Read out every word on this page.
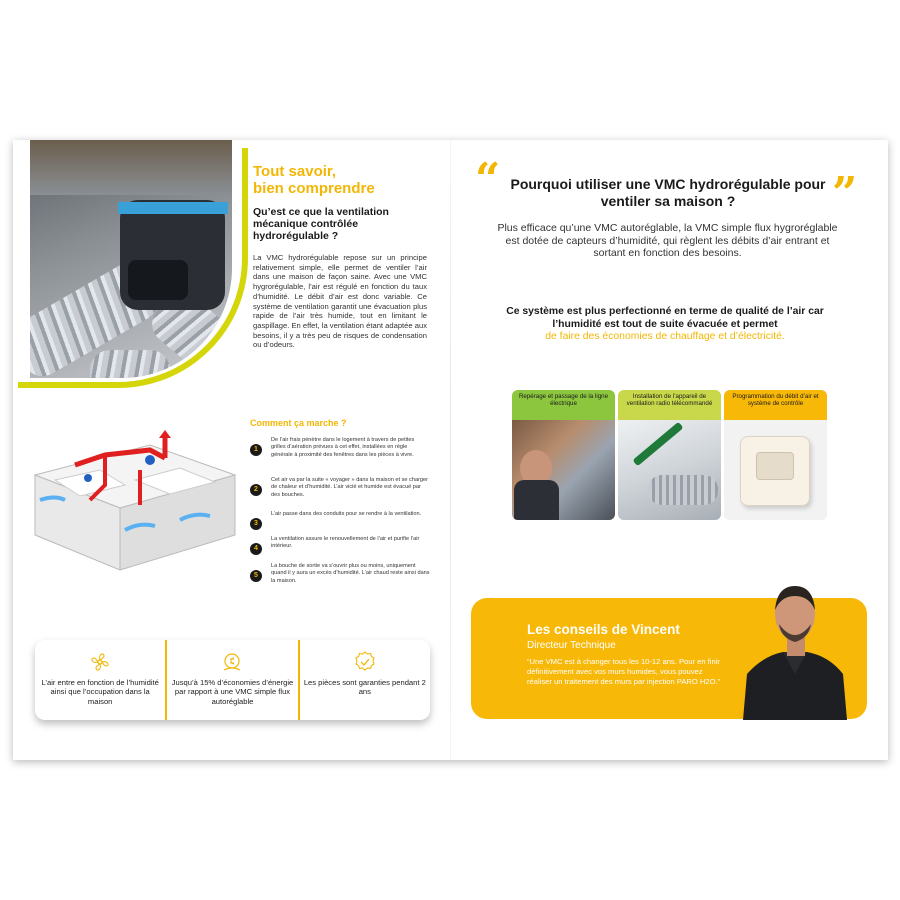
Tout savoir,
bien comprendre
Qu’est ce que la ventilation mécanique contrôlée hydrorégulable ?
La VMC hydrorégulable repose sur un principe relativement simple, elle permet de ventiler l’air dans une maison de façon saine. Avec une VMC hygrorégulable, l’air est régulé en fonction du taux d’humidité. Le débit d’air est donc variable. Ce système de ventilation garantit une évacuation plus rapide de l’air très humide, tout en limitant le gaspillage. En effet, la ventilation étant adaptée aux besoins, il y a très peu de risques de condensation ou d’odeurs.
Comment ça marche ?
1
De l’air frais pénètre dans le logement à travers de petites grilles d’aération prévues à cet effet, installées en règle générale à proximité des fenêtres dans les pièces à vivre.
2
Cet air va par la suite « voyager » dans la maison et se charger de chaleur et d’humidité. L’air vicié et humide est évacué par des bouches.
3
L’air passe dans des conduits pour se rendre à la ventilation.
4
La ventilation assure le renouvellement de l’air et purifie l’air intérieur.
5
La bouche de sortie va s’ouvrir plus ou moins, uniquement quand il y aura un excès d’humidité. L’air chaud reste ainsi dans la maison.
L’air entre en fonction de l’humidité ainsi que l’occupation dans la maison
Jusqu’à 15% d’économies d’énergie par rapport à une VMC simple flux autoréglable
Les pièces sont garanties pendant 2 ans
“ Pourquoi utiliser une VMC hydrorégulable pour ventiler sa maison ?	”
Plus efficace qu’une VMC autoréglable, la VMC simple flux hygroréglable est dotée de capteurs d’humidité, qui règlent les débits d’air entrant et sortant en fonction des besoins.
Ce système est plus perfectionné en terme de qualité de l’air car l’humidité est tout de suite évacuée et permet
de faire des économies de chauffage et d’électricité.
Repérage et passage de la ligne électrique
Installation de l’appareil de ventilation radio télécommandé
Programmation du débit d’air et système de contrôle
Les conseils de Vincent
Directeur Technique
“Une VMC est à changer tous les 10-12 ans. Pour en finir définitivement avec vos murs humides, vous pouvez réaliser un traitement des murs par injection PARO H2O.”
